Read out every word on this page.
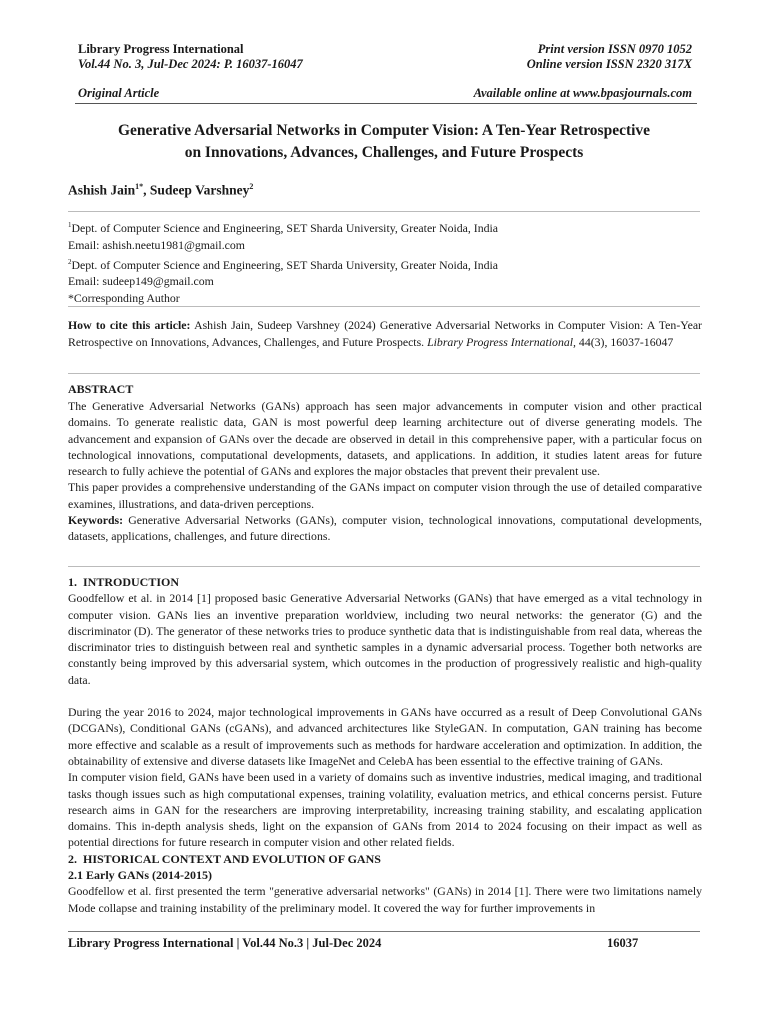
Library Progress International
Vol.44 No. 3, Jul-Dec 2024: P. 16037-16047
Print version ISSN 0970 1052
Online version ISSN 2320 317X
Original Article	Available online at www.bpasjournals.com
Generative Adversarial Networks in Computer Vision: A Ten-Year Retrospective
on Innovations, Advances, Challenges, and Future Prospects
Ashish Jain$^{1*}$, Sudeep Varshney$^2$
$^1$Dept. of Computer Science and Engineering, SET Sharda University, Greater Noida, India
Email: ashish.neetu1981@gmail.com
$^2$Dept. of Computer Science and Engineering, SET Sharda University, Greater Noida, India
Email: sudeep149@gmail.com
*Corresponding Author
How to cite this article: Ashish Jain, Sudeep Varshney (2024) Generative Adversarial Networks in Computer Vision: A Ten-Year Retrospective on Innovations, Advances, Challenges, and Future Prospects. Library Progress International, 44(3), 16037-16047
ABSTRACT

The Generative Adversarial Networks (GANs) approach has seen major advancements in computer vision and other practical domains. To generate realistic data, GAN is most powerful deep learning architecture out of diverse generating models. The advancement and expansion of GANs over the decade are observed in detail in this comprehensive paper, with a particular focus on technological innovations, computational developments, datasets, and applications. In addition, it studies latent areas for future research to fully achieve the potential of GANs and explores the major obstacles that prevent their prevalent use.

This paper provides a comprehensive understanding of the GANs impact on computer vision through the use of detailed comparative examines, illustrations, and data-driven perceptions.

Keywords: Generative Adversarial Networks (GANs), computer vision, technological innovations, computational developments, datasets, applications, challenges, and future directions.

1.  INTRODUCTION

Goodfellow et al. in 2014 [1] proposed basic Generative Adversarial Networks (GANs) that have emerged as a vital technology in computer vision. GANs lies an inventive preparation worldview, including two neural networks: the generator (G) and the discriminator (D). The generator of these networks tries to produce synthetic data that is indistinguishable from real data, whereas the discriminator tries to distinguish between real and synthetic samples in a dynamic adversarial process. Together both networks are constantly being improved by this adversarial system, which outcomes in the production of progressively realistic and high-quality data.

During the year 2016 to 2024, major technological improvements in GANs have occurred as a result of Deep Convolutional GANs (DCGANs), Conditional GANs (cGANs), and advanced architectures like StyleGAN. In computation, GAN training has become more effective and scalable as a result of improvements such as methods for hardware acceleration and optimization. In addition, the obtainability of extensive and diverse datasets like ImageNet and CelebA has been essential to the effective training of GANs.

In computer vision field, GANs have been used in a variety of domains such as inventive industries, medical imaging, and traditional tasks though issues such as high computational expenses, training volatility, evaluation metrics, and ethical concerns persist. Future research aims in GAN for the researchers are improving interpretability, increasing training stability, and escalating application domains. This in-depth analysis sheds, light on the expansion of GANs from 2014 to 2024 focusing on their impact as well as potential directions for future research in computer vision and other related fields.

2.  HISTORICAL CONTEXT AND EVOLUTION OF GANS

2.1 Early GANs (2014-2015)

Goodfellow et al. first presented the term "generative adversarial networks" (GANs) in 2014 [1]. There were two limitations namely Mode collapse and training instability of the preliminary model. It covered the way for further improvements in

Library Progress International | Vol.44 No.3 | Jul-Dec 2024	16037
